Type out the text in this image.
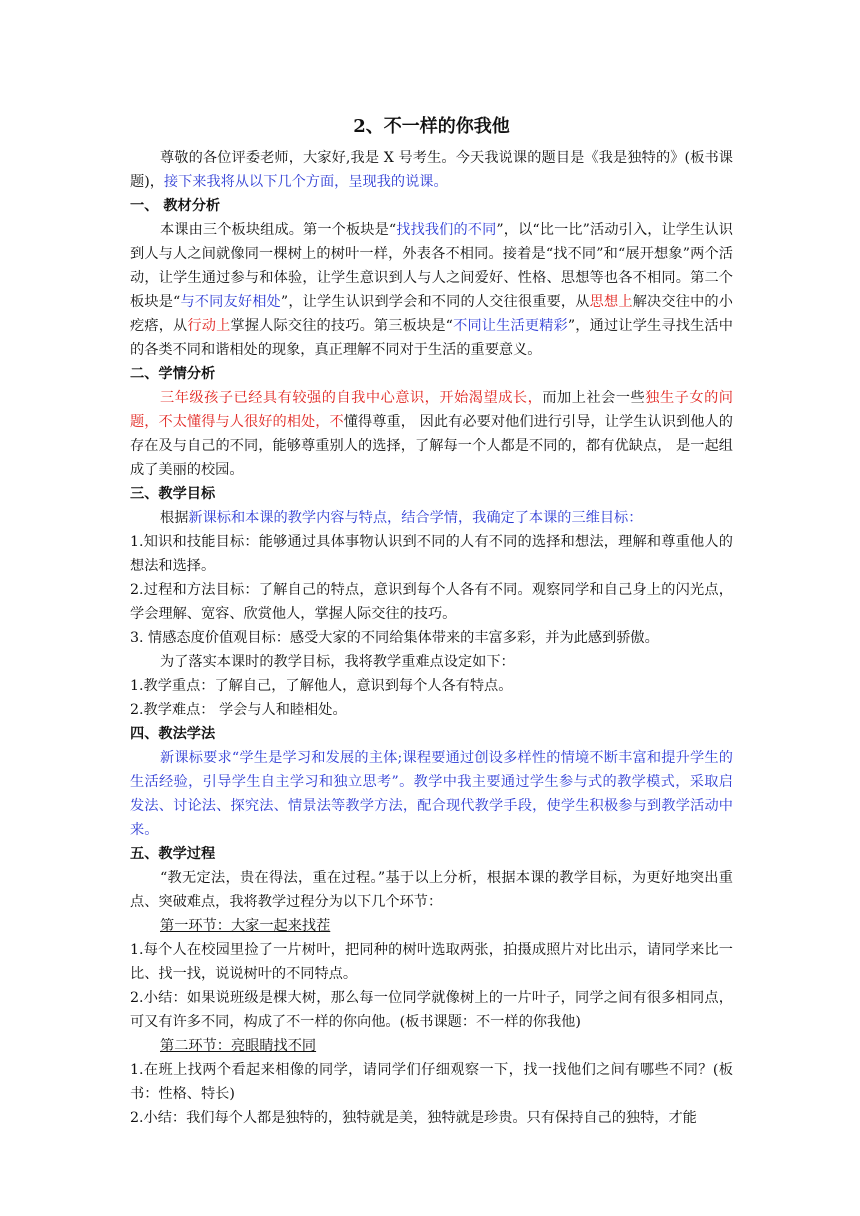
2、不一样的你我他

尊敬的各位评委老师，大家好,我是 X 号考生。今天我说课的题目是《我是独特的》(板书课题)，接下来我将从以下几个方面，呈现我的说课。

一、 教材分析

本课由三个板块组成。第一个板块是“找找我们的不同”，以“比一比”活动引入，让学生认识到人与人之间就像同一棵树上的树叶一样，外表各不相同。接着是“找不同”和“展开想象”两个活动，让学生通过参与和体验，让学生意识到人与人之间爱好、性格、思想等也各不相同。第二个板块是“与不同友好相处”，让学生认识到学会和不同的人交往很重要，从思想上解决交往中的小疙瘩，从行动上掌握人际交往的技巧。第三板块是“不同让生活更精彩”，通过让学生寻找生活中的各类不同和谐相处的现象，真正理解不同对于生活的重要意义。

二、学情分析

三年级孩子已经具有较强的自我中心意识，开始渴望成长，而加上社会一些独生子女的问题，不太懂得与人很好的相处，不懂得尊重， 因此有必要对他们进行引导，让学生认识到他人的存在及与自己的不同，能够尊重别人的选择，了解每一个人都是不同的，都有优缺点， 是一起组成了美丽的校园。

三、教学目标

根据新课标和本课的教学内容与特点，结合学情，我确定了本课的三维目标：

1.知识和技能目标：能够通过具体事物认识到不同的人有不同的选择和想法，理解和尊重他人的想法和选择。

2.过程和方法目标：了解自己的特点，意识到每个人各有不同。观察同学和自己身上的闪光点，学会理解、宽容、欣赏他人，掌握人际交往的技巧。

3. 情感态度价值观目标：感受大家的不同给集体带来的丰富多彩，并为此感到骄傲。

为了落实本课时的教学目标，我将教学重难点设定如下：

1.教学重点：了解自己，了解他人，意识到每个人各有特点。

2.教学难点： 学会与人和睦相处。

四、教法学法

新课标要求“学生是学习和发展的主体;课程要通过创设多样性的情境不断丰富和提升学生的生活经验，引导学生自主学习和独立思考”。教学中我主要通过学生参与式的教学模式，采取启发法、讨论法、探究法、情景法等教学方法，配合现代教学手段，使学生积极参与到教学活动中来。

五、教学过程

“教无定法，贵在得法，重在过程。”基于以上分析，根据本课的教学目标，为更好地突出重点、突破难点，我将教学过程分为以下几个环节：

第一环节：大家一起来找茬

1.每个人在校园里捡了一片树叶，把同种的树叶选取两张，拍摄成照片对比出示，请同学来比一比、找一找，说说树叶的不同特点。

2.小结：如果说班级是棵大树，那么每一位同学就像树上的一片叶子，同学之间有很多相同点，可又有许多不同，构成了不一样的你向他。(板书课题：不一样的你我他)

第二环节：亮眼睛找不同

1.在班上找两个看起来相像的同学，请同学们仔细观察一下，找一找他们之间有哪些不同？(板书：性格、特长)

2.小结：我们每个人都是独特的，独特就是美，独特就是珍贵。只有保持自己的独特，才能
